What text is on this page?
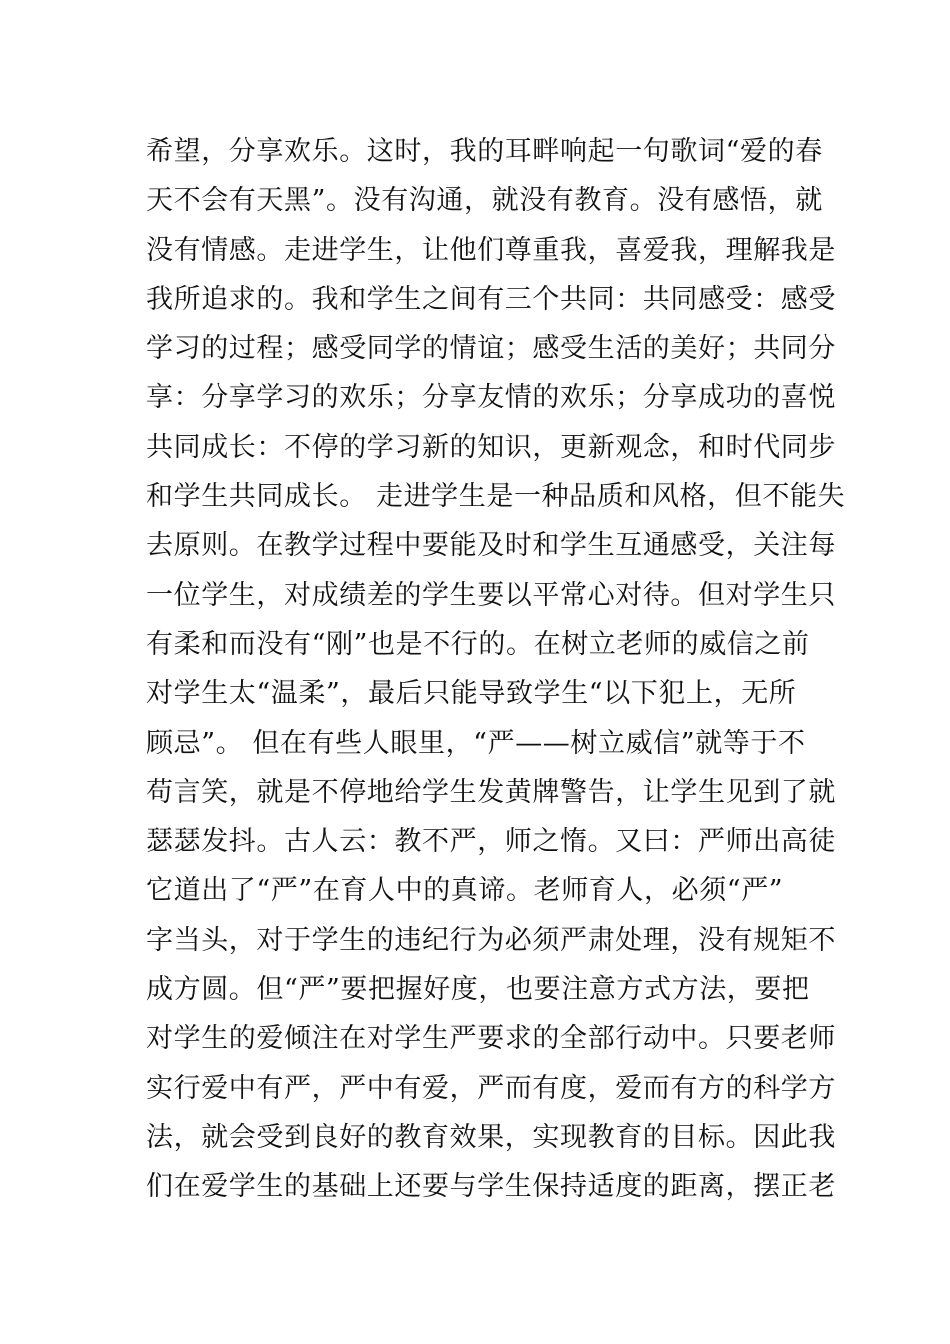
希望，分享欢乐。这时，我的耳畔响起一句歌词“爱的春
天不会有天黑”。没有沟通，就没有教育。没有感悟，就
没有情感。走进学生，让他们尊重我，喜爱我，理解我是
我所追求的。我和学生之间有三个共同：共同感受：感受
学习的过程；感受同学的情谊；感受生活的美好；共同分
享：分享学习的欢乐；分享友情的欢乐；分享成功的喜悦
共同成长：不停的学习新的知识，更新观念，和时代同步
和学生共同成长。 走进学生是一种品质和风格，但不能失
去原则。在教学过程中要能及时和学生互通感受，关注每
一位学生，对成绩差的学生要以平常心对待。但对学生只
有柔和而没有“刚”也是不行的。在树立老师的威信之前
对学生太“温柔”，最后只能导致学生“以下犯上，无所
顾忌”。 但在有些人眼里，“严——树立威信”就等于不
苟言笑，就是不停地给学生发黄牌警告，让学生见到了就
瑟瑟发抖。古人云：教不严，师之惰。又曰：严师出高徒
它道出了“严”在育人中的真谛。老师育人，必须“严”
字当头，对于学生的违纪行为必须严肃处理，没有规矩不
成方圆。但“严”要把握好度，也要注意方式方法，要把
对学生的爱倾注在对学生严要求的全部行动中。只要老师
实行爱中有严，严中有爱，严而有度，爱而有方的科学方
法，就会受到良好的教育效果，实现教育的目标。因此我
们在爱学生的基础上还要与学生保持适度的距离，摆正老
